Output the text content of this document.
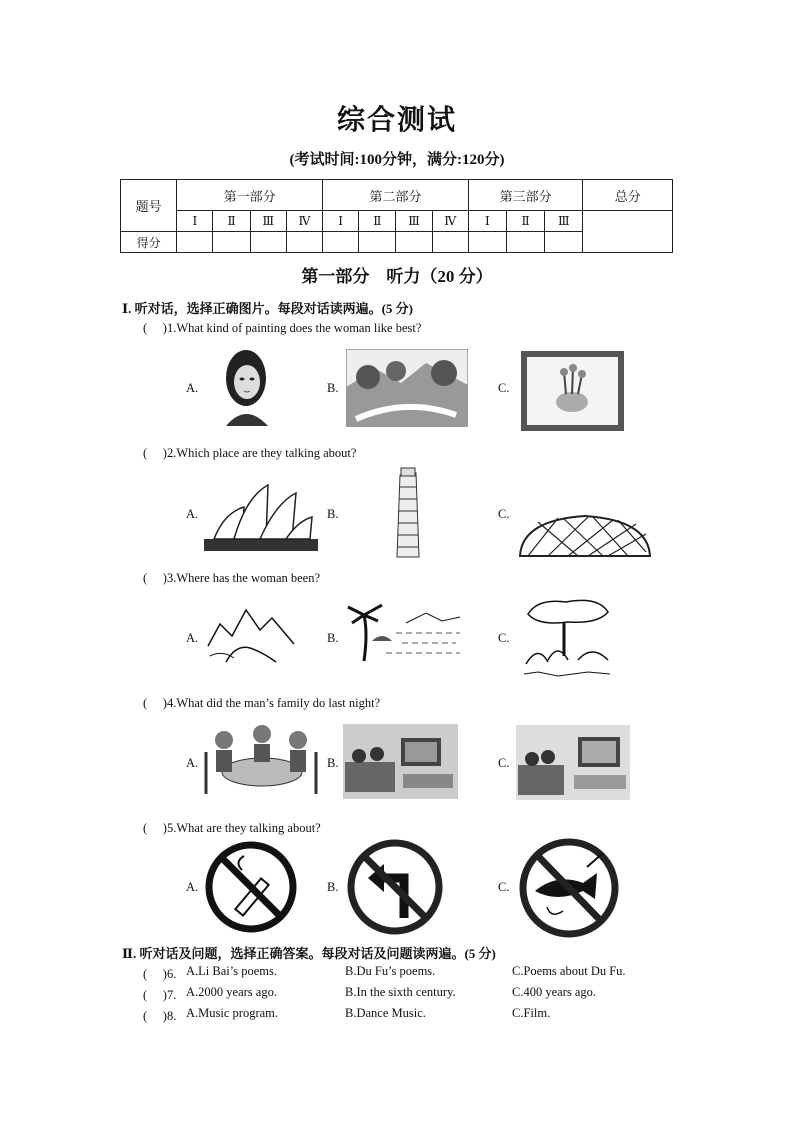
综合测试
(考试时间:100分钟，满分:120分)
题号	第一部分				第二部分				第三部分			总分
	Ⅰ	Ⅱ	Ⅲ	Ⅳ	Ⅰ	Ⅱ	Ⅲ	Ⅳ	Ⅰ	Ⅱ	Ⅲ	
得分												
第一部分　听力（20 分）
Ⅰ. 听对话，选择正确图片。每段对话读两遍。(5 分)
(　 )1.What kind of painting does the woman like best?
A.	B.	C.
(　 )2.Which place are they talking about?
A.	B.	C.
(　 )3.Where has the woman been?
A.	B.	C.
(　 )4.What did the man’s family do last night?
A.	B.	C.
(　 )5.What are they talking about?
A.	B.	C.
Ⅱ. 听对话及问题，选择正确答案。每段对话及问题读两遍。(5 分)
(　 )6. A.Li Bai’s poems.	B.Du Fu’s poems.	C.Poems about Du Fu.
(　 )7. A.2000 years ago.	B.In the sixth century.	C.400 years ago.
(　 )8. A.Music program.	B.Dance Music.	C.Film.
